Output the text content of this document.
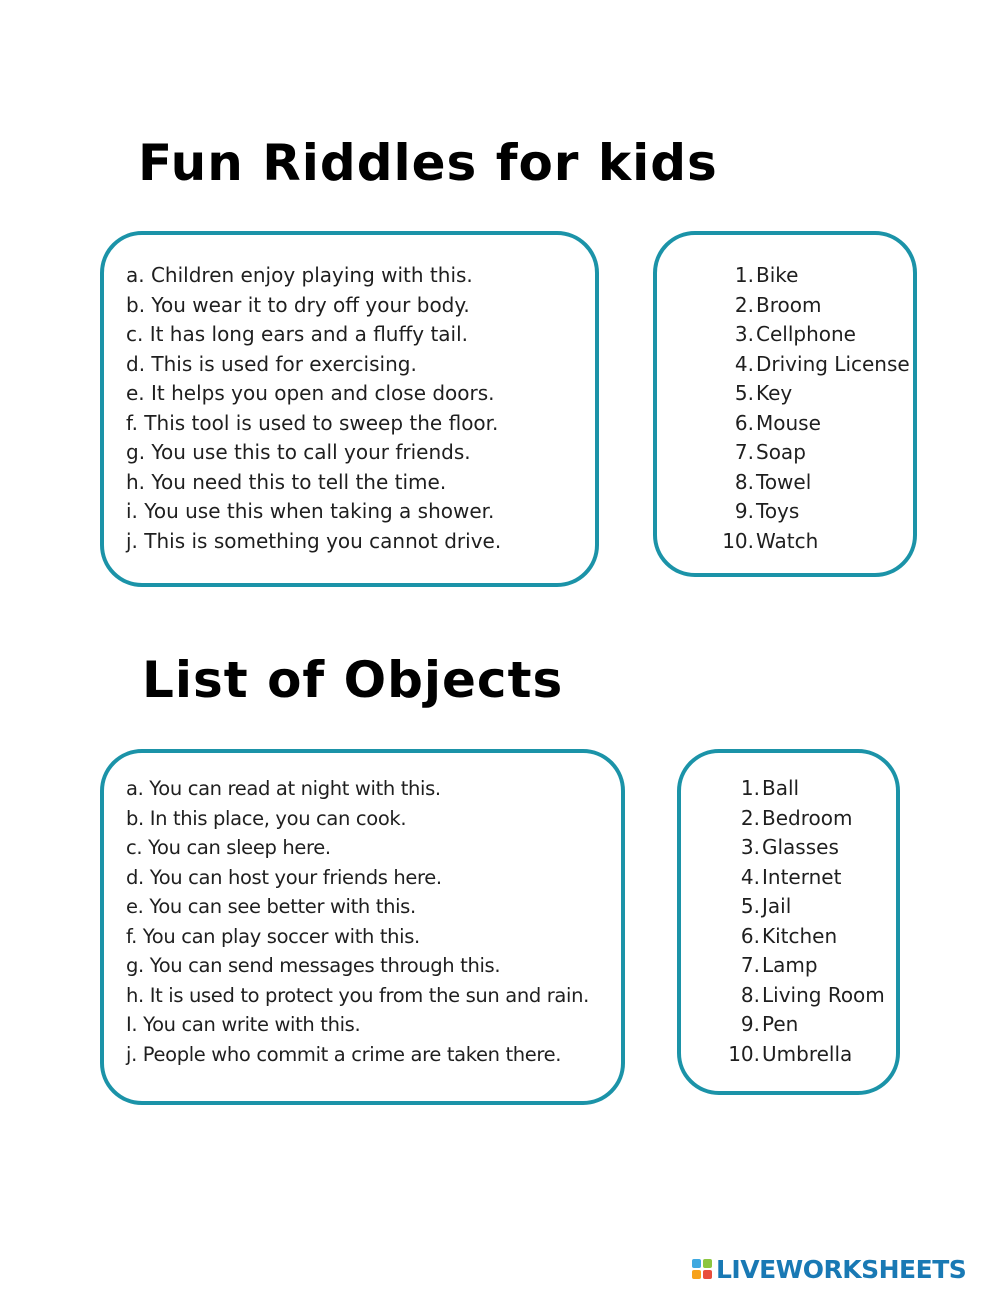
Fun Riddles for kids
a. Children enjoy playing with this.
b. You wear it to dry off your body.
c. It has long ears and a fluffy tail.
d. This is used for exercising.
e. It helps you open and close doors.
f. This tool is used to sweep the floor.
g. You use this to call your friends.
h. You need this to tell the time.
i. You use this when taking a shower.
j. This is something you cannot drive.
1. Bike
2. Broom
3. Cellphone
4. Driving License
5. Key
6. Mouse
7. Soap
8. Towel
9. Toys
10. Watch
List of Objects
a. You can read at night with this.
b. In this place, you can cook.
c. You can sleep here.
d. You can host your friends here.
e. You can see better with this.
f. You can play soccer with this.
g. You can send messages through this.
h. It is used to protect you from the sun and rain.
I. You can write with this.
j. People who commit a crime are taken there.
1. Ball
2. Bedroom
3. Glasses
4. Internet
5. Jail
6. Kitchen
7. Lamp
8. Living Room
9. Pen
10. Umbrella
LIVEWORKSHEETS
